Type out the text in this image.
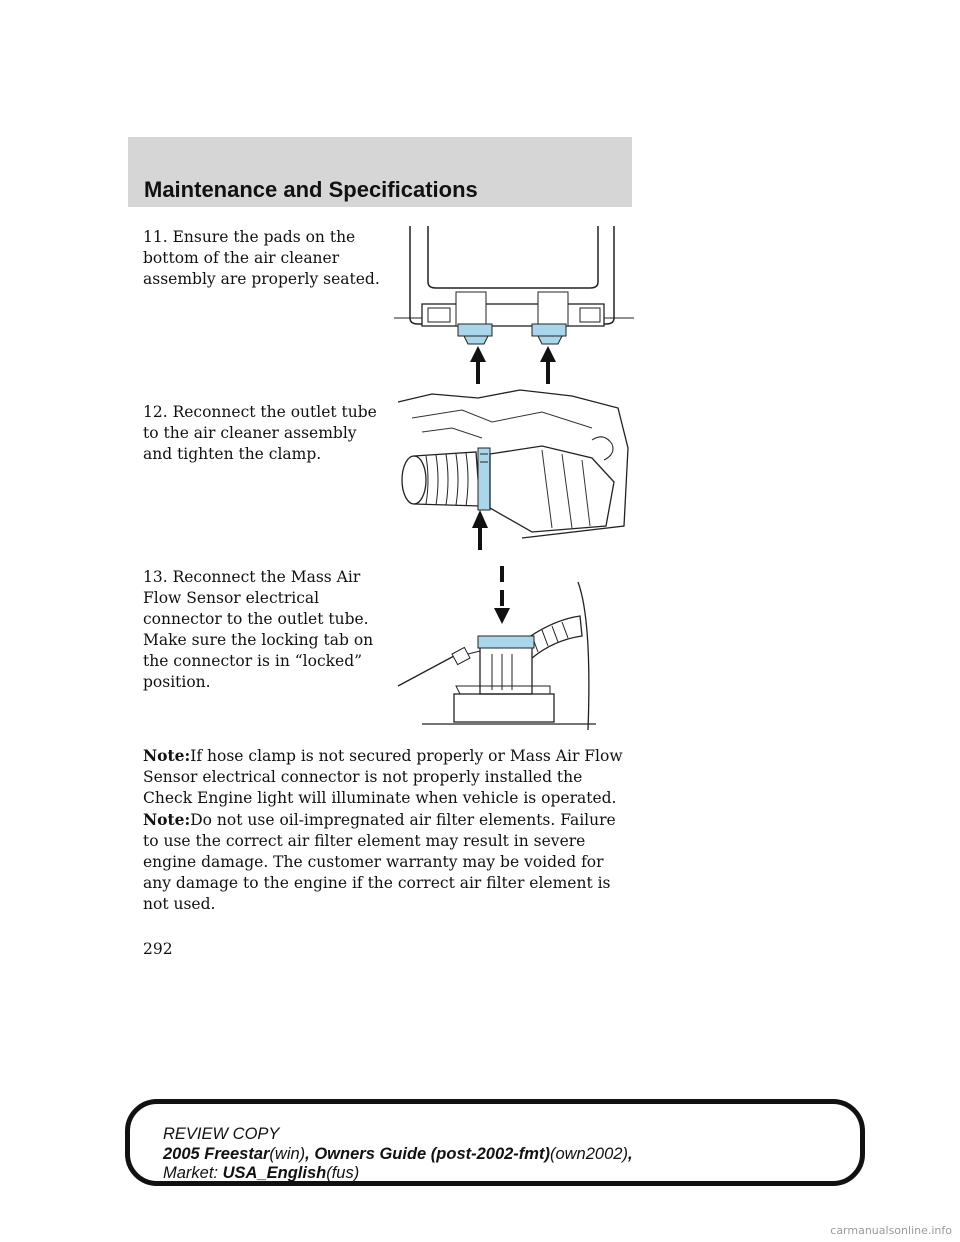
Maintenance and Specifications
11. Ensure the pads on the bottom of the air cleaner assembly are properly seated.
12. Reconnect the outlet tube to the air cleaner assembly and tighten the clamp.
13. Reconnect the Mass Air Flow Sensor electrical connector to the outlet tube. Make sure the locking tab on the connector is in “locked” position.
Note:If hose clamp is not secured properly or Mass Air Flow Sensor electrical connector is not properly installed the Check Engine light will illuminate when vehicle is operated.
Note:Do not use oil-impregnated air filter elements. Failure to use the correct air filter element may result in severe engine damage. The customer warranty may be voided for any damage to the engine if the correct air filter element is not used.
292
REVIEW COPY
2005 Freestar(win), Owners Guide (post-2002-fmt)(own2002),
Market: USA_English(fus)
carmanualsonline.info
